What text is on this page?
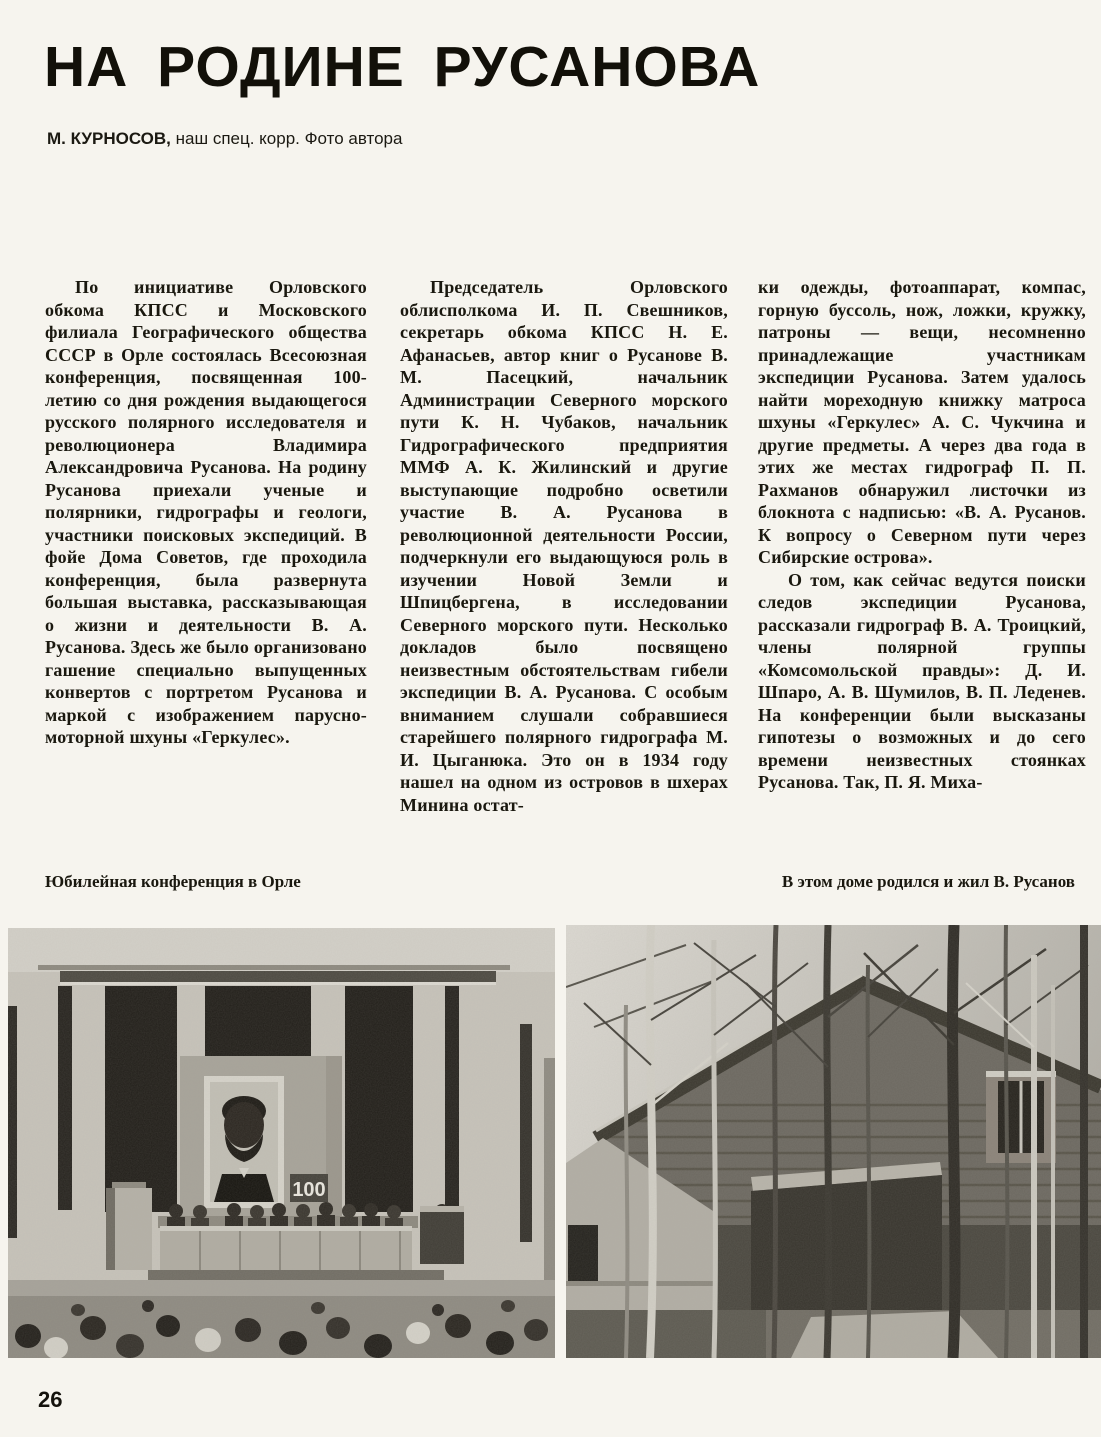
НА РОДИНЕ РУСАНОВА
М. КУРНОСОВ, наш спец. корр. Фото автора

По инициативе Орловского обкома КПСС и Московского филиала Географического общества СССР в Орле состоялась Всесоюзная конференция, посвященная 100-летию со дня рождения выдающегося русского полярного исследователя и революционера Владимира Александровича Русанова. На родину Русанова приехали ученые и полярники, гидрографы и геологи, участники поисковых экспедиций. В фойе Дома Советов, где проходила конференция, была развернута большая выставка, рассказывающая о жизни и деятельности В. А. Русанова. Здесь же было организовано гашение специально выпущенных конвертов с портретом Русанова и маркой с изображением парусно-моторной шхуны «Геркулес».

Председатель Орловского облисполкома И. П. Свешников, секретарь обкома КПСС Н. Е. Афанасьев, автор книг о Русанове В. М. Пасецкий, начальник Администрации Северного морского пути К. Н. Чубаков, начальник Гидрографического предприятия ММФ А. К. Жилинский и другие выступающие подробно осветили участие В. А. Русанова в революционной деятельности России, подчеркнули его выдающуюся роль в изучении Новой Земли и Шпицбергена, в исследовании Северного морского пути. Несколько докладов было посвящено неизвестным обстоятельствам гибели экспедиции В. А. Русанова. С особым вниманием слушали собравшиеся старейшего полярного гидрографа М. И. Цыганюка. Это он в 1934 году нашел на одном из островов в шхерах Минина остат-

ки одежды, фотоаппарат, компас, горную буссоль, нож, ложки, кружку, патроны — вещи, несомненно принадлежащие участникам экспедиции Русанова. Затем удалось найти мореходную книжку матроса шхуны «Геркулес» А. С. Чукчина и другие предметы. А через два года в этих же местах гидрограф П. П. Рахманов обнаружил листочки из блокнота с надписью: «В. А. Русанов. К вопросу о Северном пути через Сибирские острова».

О том, как сейчас ведутся поиски следов экспедиции Русанова, рассказали гидрограф В. А. Троицкий, члены полярной группы «Комсомольской правды»: Д. И. Шпаро, А. В. Шумилов, В. П. Леденев. На конференции были высказаны гипотезы о возможных и до сего времени неизвестных стоянках Русанова. Так, П. Я. Миха-

Юбилейная конференция в Орле	В этом доме родился и жил В. Русанов
100
26
